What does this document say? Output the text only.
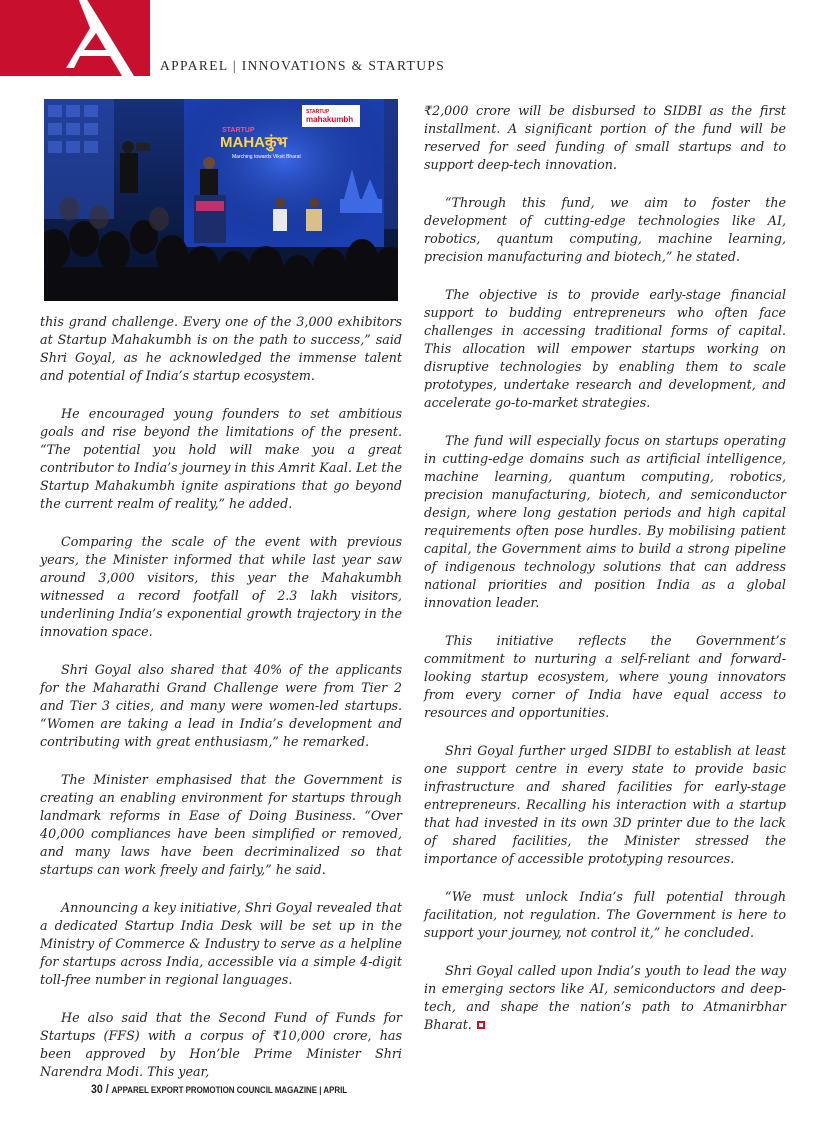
APPAREL | INNOVATIONS & STARTUPS
STARTUP
MAHAकुंभ
Marching towards Viksit Bharat
STARTUP
mahakumbh

this grand challenge. Every one of the 3,000 exhibitors at Startup Mahakumbh is on the path to success,” said Shri Goyal, as he acknowledged the immense talent and potential of India’s startup ecosystem.

He encouraged young founders to set ambitious goals and rise beyond the limitations of the present. “The potential you hold will make you a great contributor to India’s journey in this Amrit Kaal. Let the Startup Mahakumbh ignite aspirations that go beyond the current realm of reality,” he added.

Comparing the scale of the event with previous years, the Minister informed that while last year saw around 3,000 visitors, this year the Mahakumbh witnessed a record footfall of 2.3 lakh visitors, underlining India’s exponential growth trajectory in the innovation space.

Shri Goyal also shared that 40% of the applicants for the Maharathi Grand Challenge were from Tier 2 and Tier 3 cities, and many were women-led startups. “Women are taking a lead in India’s development and contributing with great enthusiasm,” he remarked.

The Minister emphasised that the Government is creating an enabling environment for startups through landmark reforms in Ease of Doing Business. “Over 40,000 compliances have been simplified or removed, and many laws have been decriminalized so that startups can work freely and fairly,” he said.

Announcing a key initiative, Shri Goyal revealed that a dedicated Startup India Desk will be set up in the Ministry of Commerce & Industry to serve as a helpline for startups across India, accessible via a simple 4-digit toll-free number in regional languages.

He also said that the Second Fund of Funds for Startups (FFS) with a corpus of ₹10,000 crore, has been approved by Hon’ble Prime Minister Shri Narendra Modi. This year,

₹2,000 crore will be disbursed to SIDBI as the first installment. A significant portion of the fund will be reserved for seed funding of small startups and to support deep-tech innovation.

“Through this fund, we aim to foster the development of cutting-edge technologies like AI, robotics, quantum computing, machine learning, precision manufacturing and biotech,” he stated.

The objective is to provide early-stage financial support to budding entrepreneurs who often face challenges in accessing traditional forms of capital. This allocation will empower startups working on disruptive technologies by enabling them to scale prototypes, undertake research and development, and accelerate go-to-market strategies.

The fund will especially focus on startups operating in cutting-edge domains such as artificial intelligence, machine learning, quantum computing, robotics, precision manufacturing, biotech, and semiconductor design, where long gestation periods and high capital requirements often pose hurdles. By mobilising patient capital, the Government aims to build a strong pipeline of indigenous technology solutions that can address national priorities and position India as a global innovation leader.

This initiative reflects the Government’s commitment to nurturing a self-reliant and forward-looking startup ecosystem, where young innovators from every corner of India have equal access to resources and opportunities.

Shri Goyal further urged SIDBI to establish at least one support centre in every state to provide basic infrastructure and shared facilities for early-stage entrepreneurs. Recalling his interaction with a startup that had invested in its own 3D printer due to the lack of shared facilities, the Minister stressed the importance of accessible prototyping resources.

“We must unlock India’s full potential through facilitation, not regulation. The Government is here to support your journey, not control it,” he concluded.

Shri Goyal called upon India’s youth to lead the way in emerging sectors like AI, semiconductors and deep-tech, and shape the nation’s path to Atmanirbhar Bharat.

30 / APPAREL EXPORT PROMOTION COUNCIL MAGAZINE | APRIL
